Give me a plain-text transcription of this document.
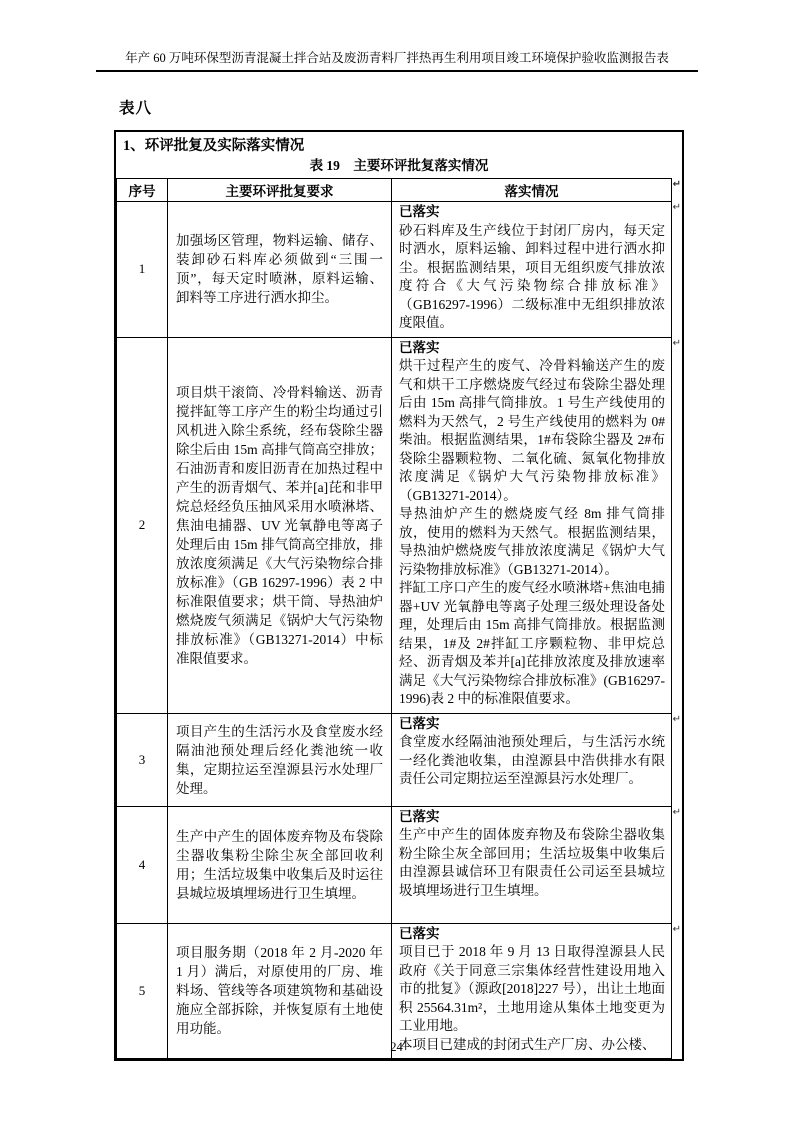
年产 60 万吨环保型沥青混凝土拌合站及废沥青料厂拌热再生利用项目竣工环境保护验收监测报告表
表八
1、环评批复及实际落实情况
表 19　主要环评批复落实情况
序号	主要环评批复要求	落实情况 ↵

1	加强场区管理，物料运输、储存、装卸砂石料库必须做到“三围一顶”，每天定时喷淋，原料运输、卸料等工序进行洒水抑尘。	↵
已落实
砂石料库及生产线位于封闭厂房内，每天定时洒水，原料运输、卸料过程中进行洒水抑尘。根据监测结果，项目无组织废气排放浓度符合《大气污染物综合排放标准》（GB16297-1996）二级标准中无组织排放浓度限值。

2	项目烘干滚筒、冷骨料输送、沥青搅拌缸等工序产生的粉尘均通过引风机进入除尘系统，经布袋除尘器除尘后由 15m 高排气筒高空排放；石油沥青和废旧沥青在加热过程中产生的沥青烟气、苯并[a]芘和非甲烷总烃经负压抽风采用水喷淋塔、焦油电捕器、UV 光氧静电等离子处理后由 15m 排气筒高空排放，排放浓度须满足《大气污染物综合排放标准》（GB 16297-1996）表 2 中标准限值要求；烘干筒、导热油炉燃烧废气须满足《锅炉大气污染物排放标准》（GB13271-2014）中标准限值要求。	
↵
已落实
烘干过程产生的废气、冷骨料输送产生的废气和烘干工序燃烧废气经过布袋除尘器处理后由 15m 高排气筒排放。1 号生产线使用的燃料为天然气，2 号生产线使用的燃料为 0#柴油。根据监测结果，1#布袋除尘器及 2#布袋除尘器颗粒物、二氧化硫、氮氧化物排放浓度满足《锅炉大气污染物排放标准》（GB13271-2014）。
导热油炉产生的燃烧废气经 8m 排气筒排放，使用的燃料为天然气。根据监测结果，导热油炉燃烧废气排放浓度满足《锅炉大气污染物排放标准》（GB13271-2014）。
拌缸工序口产生的废气经水喷淋塔+焦油电捕器+UV 光氧静电等离子处理三级处理设备处理，处理后由 15m 高排气筒排放。根据监测结果，1#及 2#拌缸工序颗粒物、非甲烷总烃、沥青烟及苯并[a]芘排放浓度及排放速率满足《大气污染物综合排放标准》(GB16297-1996)表 2 中的标准限值要求。

3	项目产生的生活污水及食堂废水经隔油池预处理后经化粪池统一收集，定期拉运至湟源县污水处理厂处理。	↵
已落实
食堂废水经隔油池预处理后，与生活污水统一经化粪池收集，由湟源县中浩供排水有限责任公司定期拉运至湟源县污水处理厂。

4	生产中产生的固体废弃物及布袋除尘器收集粉尘除尘灰全部回收利用；生活垃圾集中收集后及时运往县城垃圾填埋场进行卫生填埋。	↵
已落实
生产中产生的固体废弃物及布袋除尘器收集粉尘除尘灰全部回用；生活垃圾集中收集后由湟源县诚信环卫有限责任公司运至县城垃圾填埋场进行卫生填埋。

5	项目服务期（2018 年 2 月-2020 年 1 月）满后，对原使用的厂房、堆料场、管线等各项建筑物和基础设施应全部拆除，并恢复原有土地使用功能。	↵
已落实
项目已于 2018 年 9 月 13 日取得湟源县人民政府《关于同意三宗集体经营性建设用地入市的批复》（源政[2018]227 号），出让土地面积 25564.31m²，土地用途从集体土地变更为工业用地。
本项目已建成的封闭式生产厂房、办公楼、
24
